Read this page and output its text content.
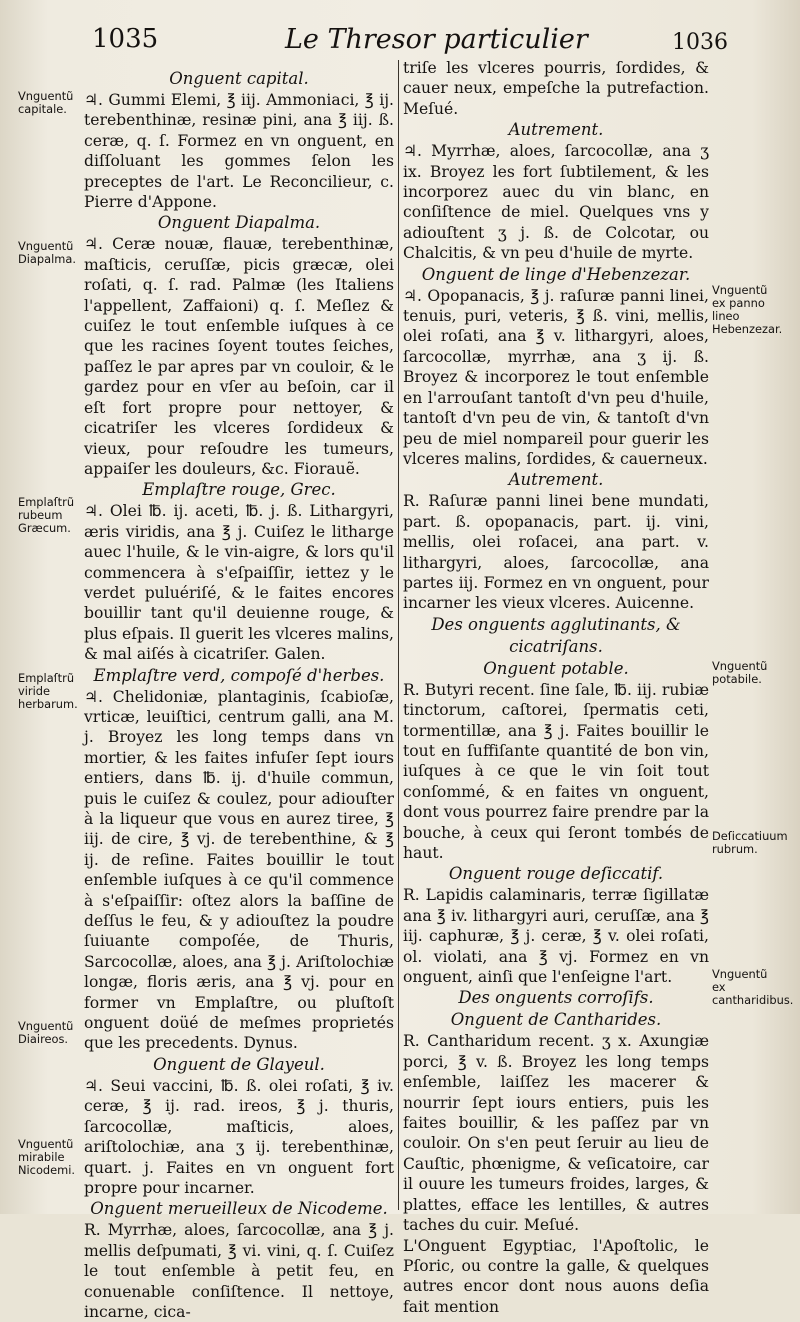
1035	Le Thresor particulier	1036
Onguent capital.

♃. Gummi Elemi, ℥ iij. Ammoniaci, ℥ ij. terebenthinæ, resinæ pini, ana ℥ iij. ß. ceræ, q. ſ. Formez en vn onguent, en diſſoluant les gommes ſelon les preceptes de l'art. Le Reconcilieur, c. Pierre d'Appone.

Onguent Diapalma.

♃. Ceræ nouæ, flauæ, terebenthinæ, maſticis, ceruſſæ, picis græcæ, olei roſati, q. ſ. rad. Palmæ (les Italiens l'appellent, Zaffaioni) q. ſ. Meſlez & cuiſez le tout enſemble iuſques à ce que les racines ſoyent toutes ſeiches, paſſez le par apres par vn couloir, & le gardez pour en vſer au beſoin, car il eſt fort propre pour nettoyer, & cicatriſer les vlceres ſordideux & vieux, pour reſoudre les tumeurs, appaiſer les douleurs, &c. Fiorauẽ.

Emplaſtre rouge, Grec.

♃. Olei ℔. ij. aceti, ℔. j. ß. Lithargyri, æris viridis, ana ℥ j. Cuiſez le litharge auec l'huile, & le vin-aigre, & lors qu'il commencera à s'eſpaiſſir, iettez y le verdet puluériſé, & le faites encores bouillir tant qu'il deuienne rouge, & plus eſpais. Il guerit les vlceres malins, & mal aiſés à cicatriſer. Galen.

Emplaſtre verd, compoſé d'herbes.

♃. Chelidoniæ, plantaginis, ſcabioſæ, vrticæ, leuiſtici, centrum galli, ana M. j. Broyez les long temps dans vn mortier, & les faites infuſer ſept iours entiers, dans ℔. ij. d'huile commun, puis le cuiſez & coulez, pour adiouſter à la liqueur que vous en aurez tiree, ℥ iij. de cire, ℥ vj. de terebenthine, & ℥ ij. de reſine. Faites bouillir le tout enſemble iuſques à ce qu'il commence à s'eſpaiſſir: oſtez alors la baſſine de deſſus le feu, & y adiouſtez la poudre ſuiuante compoſée, de Thuris, Sarcocollæ, aloes, ana ℥ j. Ariſtolochiæ longæ, floris æris, ana ℥ vj. pour en former vn Emplaſtre, ou pluſtoſt onguent doüé de meſmes proprietés que les precedents. Dynus.

Onguent de Glayeul.

♃. Seui vaccini, ℔. ß. olei roſati, ℥ iv. ceræ, ℥ ij. rad. ireos, ℥ j. thuris, ſarcocollæ, maſticis, aloes, ariſtolochiæ, ana ʒ ij. terebenthinæ, quart. j. Faites en vn onguent fort propre pour incarner.

Onguent merueilleux de Nicodeme.

R. Myrrhæ, aloes, ſarcocollæ, ana ℥ j. mellis deſpumati, ℥ vi. vini, q. ſ. Cuiſez le tout enſemble à petit feu, en conuenable conſiſtence. Il nettoye, incarne, cica-

triſe les vlceres pourris, ſordides, & cauer neux, empeſche la putrefaction. Meſué.

Autrement.

♃. Myrrhæ, aloes, ſarcocollæ, ana ʒ ix. Broyez les fort ſubtilement, & les incorporez auec du vin blanc, en conſiſtence de miel. Quelques vns y adiouſtent ʒ j. ß. de Colcotar, ou Chalcitis, & vn peu d'huile de myrte.

Onguent de linge d'Hebenzezar.

♃. Opopanacis, ℥ j. raſuræ panni linei, tenuis, puri, veteris, ℥ ß. vini, mellis, olei roſati, ana ℥ v. lithargyri, aloes, ſarcocollæ, myrrhæ, ana ʒ ij. ß. Broyez & incorporez le tout enſemble en l'arrouſant tantoſt d'vn peu d'huile, tantoſt d'vn peu de vin, & tantoſt d'vn peu de miel nompareil pour guerir les vlceres malins, ſordides, & cauerneux.

Autrement.

R. Raſuræ panni linei bene mundati, part. ß. opopanacis, part. ij. vini, mellis, olei roſacei, ana part. v. lithargyri, aloes, ſarcocollæ, ana partes iij. Formez en vn onguent, pour incarner les vieux vlceres. Auicenne.

Des onguents agglutinants, & cicatriſans.
Onguent potable.

R. Butyri recent. ſine ſale, ℔. iij. rubiæ tinctorum, caſtorei, ſpermatis ceti, tormentillæ, ana ℥ j. Faites bouillir le tout en ſuffiſante quantité de bon vin, iuſques à ce que le vin ſoit tout conſommé, & en faites vn onguent, dont vous pourrez faire prendre par la bouche, à ceux qui ſeront tombés de haut.

Onguent rouge deſiccatif.

R. Lapidis calaminaris, terræ ſigillatæ ana ℥ iv. lithargyri auri, ceruſſæ, ana ℥ iij. caphuræ, ℥ j. ceræ, ℥ v. olei roſati, ol. violati, ana ℥ vj. Formez en vn onguent, ainſi que l'enſeigne l'art.

Des onguents corroſifs.
Onguent de Cantharides.

R. Cantharidum recent. ʒ x. Axungiæ porci, ℥ v. ß. Broyez les long temps enſemble, laiſſez les macerer & nourrir ſept iours entiers, puis les faites bouillir, & les paſſez par vn couloir. On s'en peut ſeruir au lieu de Cauſtic, phœnigme, & veſicatoire, car il ouure les tumeurs froides, larges, & plattes, efface les lentilles, & autres taches du cuir. Meſué.

L'Onguent Egyptiac, l'Apoſtolic, le Pſoric, ou contre la galle, & quelques autres encor dont nous auons deſia fait mention

Vnguentũ capitale.
Vnguentũ Diapalma.
Emplaſtrũ rubeum Græcum.
Emplaſtrũ viride herbarum.
Vnguentũ Diaireos.
Vnguentũ mirabile Nicodemi.
Vnguentũ ex panno lineo Hebenzezar.
Vnguentũ potabile.
Deſiccatiuum rubrum.
Vnguentũ ex cantharidibus.
